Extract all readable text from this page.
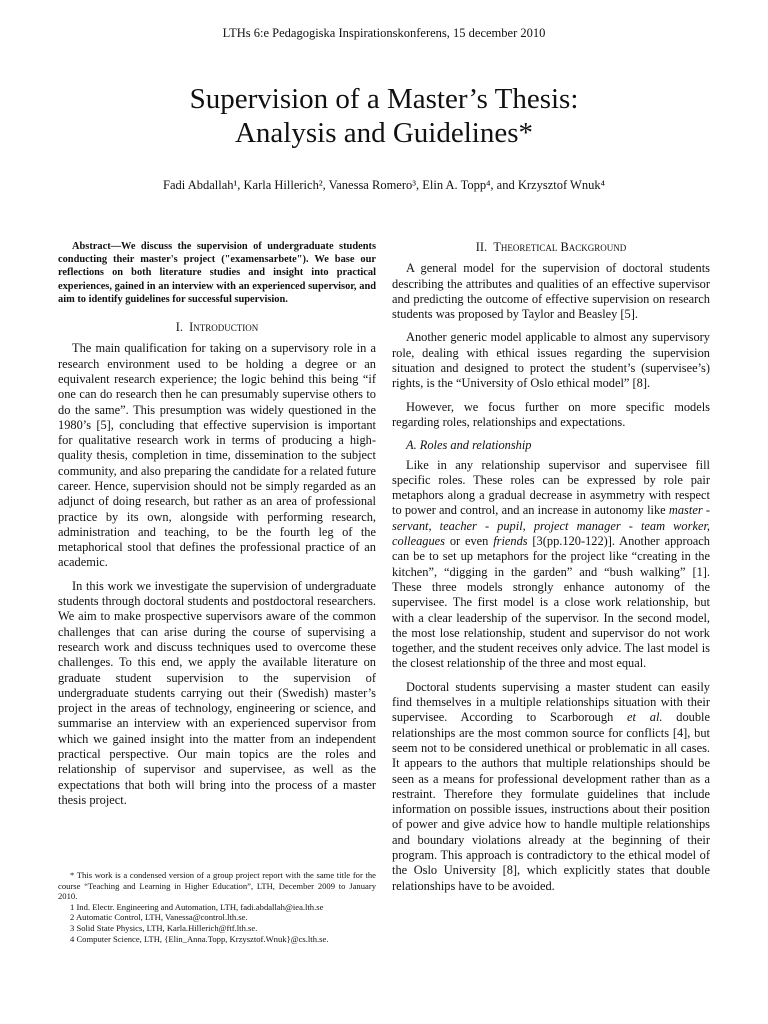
LTHs 6:e Pedagogiska Inspirationskonferens, 15 december 2010
Supervision of a Master’s Thesis:
Analysis and Guidelines*
Fadi Abdallah¹, Karla Hillerich², Vanessa Romero³, Elin A. Topp⁴, and Krzysztof Wnuk⁴
Abstract—We discuss the supervision of undergraduate students conducting their master's project ("examensarbete"). We base our reflections on both literature studies and insight into practical experiences, gained in an interview with an experienced supervisor, and aim to identify guidelines for successful supervision.
I. Introduction

The main qualification for taking on a supervisory role in a research environment used to be holding a degree or an equivalent research experience; the logic behind this being “if one can do research then he can presumably supervise others to do the same”. This presumption was widely questioned in the 1980’s [5], concluding that effective supervision is important for qualitative research work in terms of producing a high-quality thesis, completion in time, dissemination to the subject community, and also preparing the candidate for a related future career. Hence, supervision should not be simply regarded as an adjunct of doing research, but rather as an area of professional practice by its own, alongside with performing research, administration and teaching, to be the fourth leg of the metaphorical stool that defines the professional practice of an academic.

In this work we investigate the supervision of undergraduate students through doctoral students and postdoctoral researchers. We aim to make prospective supervisors aware of the common challenges that can arise during the course of supervising a research work and discuss techniques used to overcome these challenges. To this end, we apply the available literature on graduate student supervision to the supervision of undergraduate students carrying out their (Swedish) master’s project in the areas of technology, engineering or science, and summarise an interview with an experienced supervisor from which we gained insight into the matter from an independent practical perspective. Our main topics are the roles and relationship of supervisor and supervisee, as well as the expectations that both will bring into the process of a master thesis project.

* This work is a condensed version of a group project report with the same title for the course “Teaching and Learning in Higher Education”, LTH, December 2009 to January 2010.
1 Ind. Electr. Engineering and Automation, LTH, fadi.abdallah@iea.lth.se
2 Automatic Control, LTH, Vanessa@control.lth.se.
3 Solid State Physics, LTH, Karla.Hillerich@ftf.lth.se.
4 Computer Science, LTH, {Elin_Anna.Topp, Krzysztof.Wnuk}@cs.lth.se.
II. Theoretical Background

A general model for the supervision of doctoral students describing the attributes and qualities of an effective supervisor and predicting the outcome of effective supervision on research students was proposed by Taylor and Beasley [5].

Another generic model applicable to almost any supervisory role, dealing with ethical issues regarding the supervision situation and designed to protect the student’s (supervisee’s) rights, is the “University of Oslo ethical model” [8].

However, we focus further on more specific models regarding roles, relationships and expectations.

A. Roles and relationship

Like in any relationship supervisor and supervisee fill specific roles. These roles can be expressed by role pair metaphors along a gradual decrease in asymmetry with respect to power and control, and an increase in autonomy like master - servant, teacher - pupil, project manager - team worker, colleagues or even friends [3(pp.120-122)]. Another approach can be to set up metaphors for the project like “creating in the kitchen”, “digging in the garden” and “bush walking” [1]. These three models strongly enhance autonomy of the supervisee. The first model is a close work relationship, but with a clear leadership of the supervisor. In the second model, the most lose relationship, student and supervisor do not work together, and the student receives only advice. The last model is the closest relationship of the three and most equal.

Doctoral students supervising a master student can easily find themselves in a multiple relationships situation with their supervisee. According to Scarborough et al. double relationships are the most common source for conflicts [4], but seem not to be considered unethical or problematic in all cases. It appears to the authors that multiple relationships should be seen as a means for professional development rather than as a restraint. Therefore they formulate guidelines that include information on possible issues, instructions about their position of power and give advice how to handle multiple relationships and boundary violations already at the beginning of their program. This approach is contradictory to the ethical model of the Oslo University [8], which explicitly states that double relationships have to be avoided.
